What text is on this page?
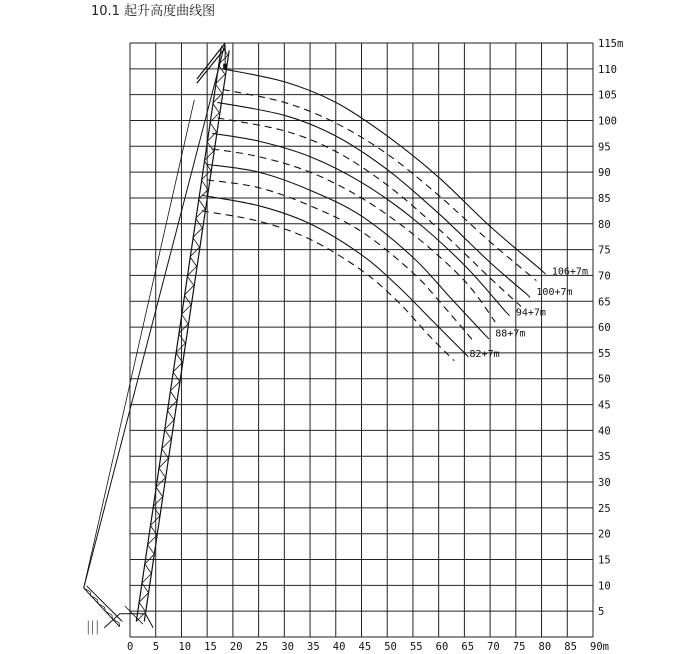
10.1 起升高度曲线图
5
10
15
20
25
30
35
40
45
50
55
60
65
70
75
80
85
90
95
100
105
110
115m
0 5 10 15 20 25 30 35 40 45 50 55 60 65 70 75 80 85 90m
106+7m
100+7m
94+7m
88+7m
82+7m
